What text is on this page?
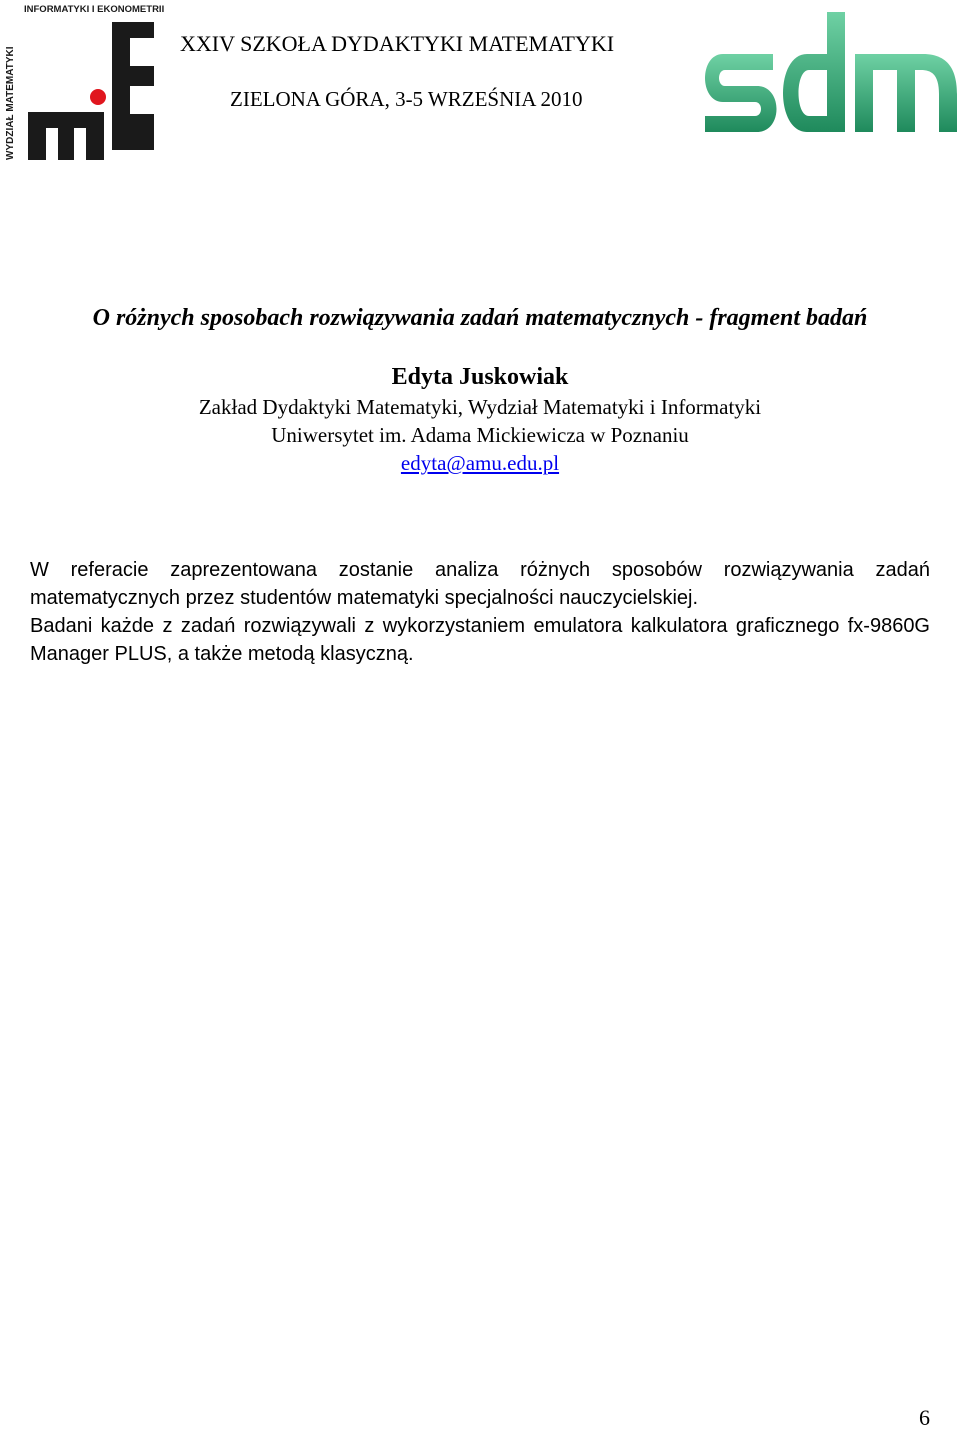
INFORMATYKI I EKONOMETRII
WYDZIAŁ MATEMATYKI
XXIV SZKOŁA DYDAKTYKI MATEMATYKI
ZIELONA GÓRA, 3-5 WRZEŚNIA 2010
O różnych sposobach rozwiązywania zadań matematycznych - fragment badań
Edyta Juskowiak
Zakład Dydaktyki Matematyki, Wydział Matematyki i Informatyki
Uniwersytet im. Adama Mickiewicza w Poznaniu
edyta@amu.edu.pl

W referacie zaprezentowana zostanie analiza różnych sposobów rozwiązywania zadań matematycznych przez studentów matematyki specjalności nauczycielskiej.

Badani każde z zadań rozwiązywali z wykorzystaniem emulatora kalkulatora graficznego fx-9860G Manager PLUS, a także metodą klasyczną.

6
